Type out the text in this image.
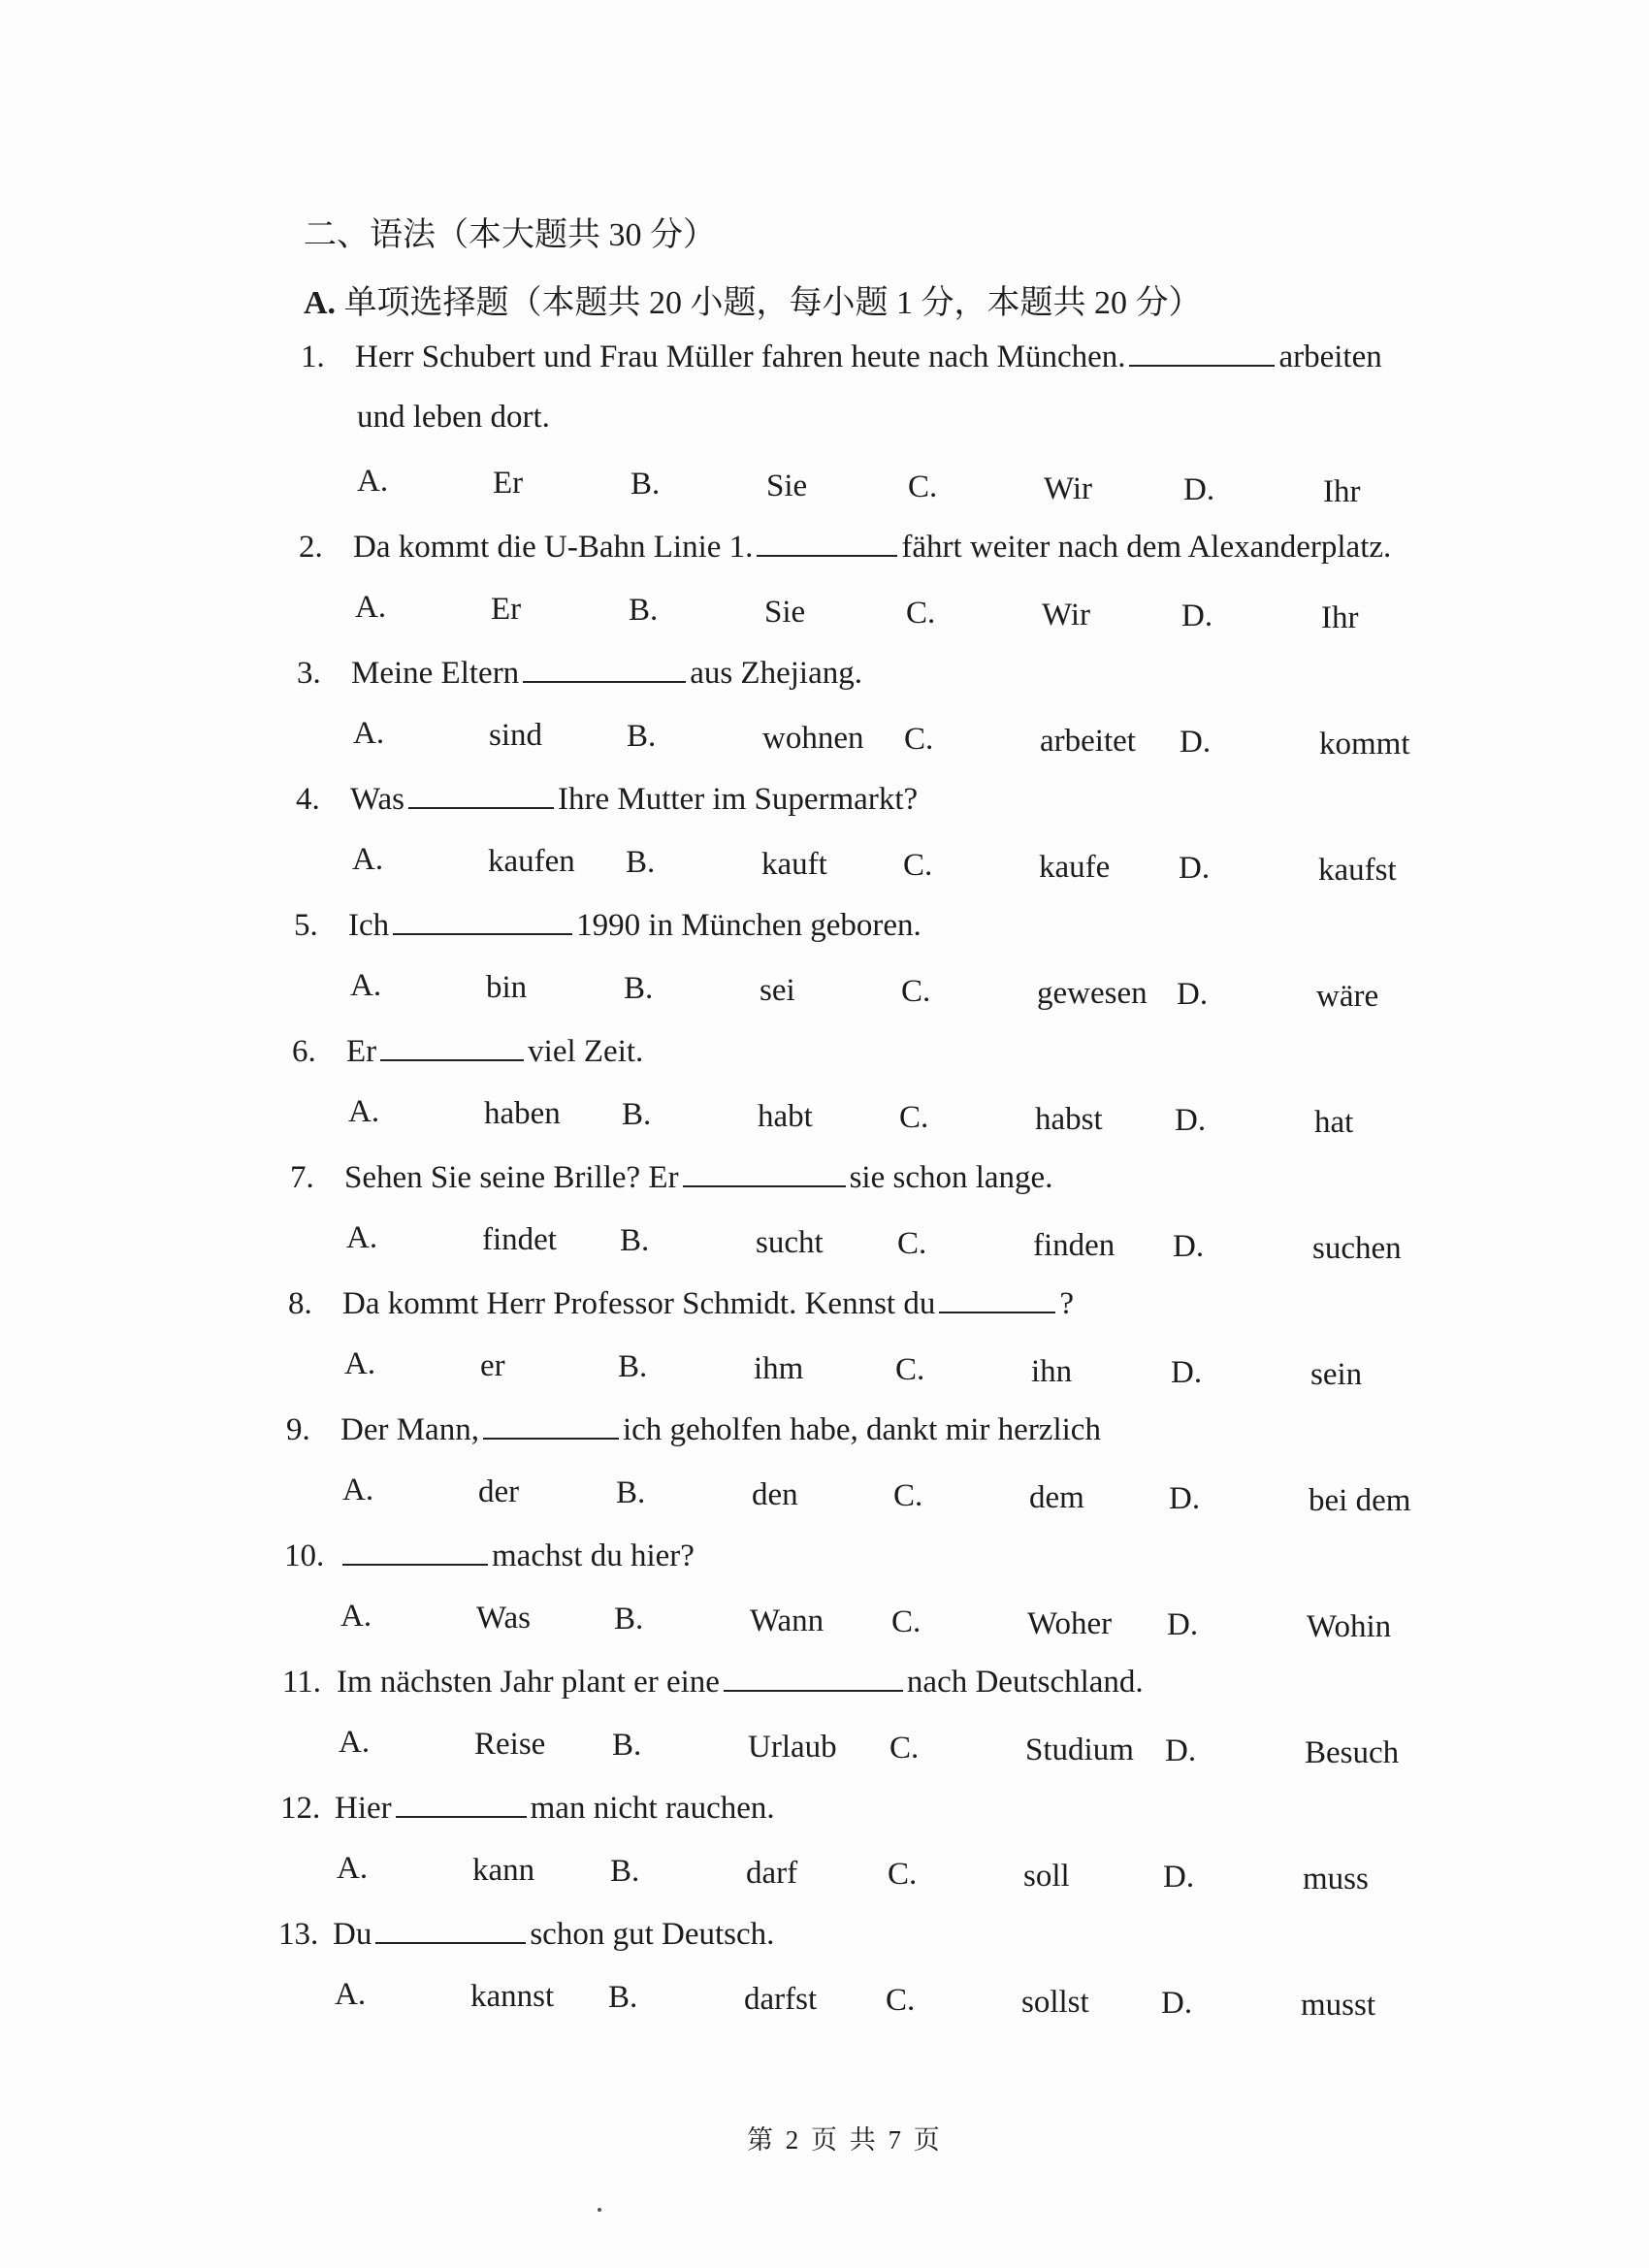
二、语法（本大题共 30 分）
A. 单项选择题（本题共 20 小题，每小题 1 分，本题共 20 分）
1. Herr Schubert und Frau Müller fahren heute nach München.	arbeiten
und leben dort.
A.	Er	B.	Sie	C.	Wir	D.	Ihr
2. Da kommt die U-Bahn Linie 1.	fährt weiter nach dem Alexanderplatz.
A.	Er	B.	Sie	C.	Wir	D.	Ihr
3. Meine Eltern	aus Zhejiang.
A.	sind	B.	wohnen C.	arbeitet D.	kommt
4. Was	Ihre Mutter im Supermarkt?
A.	kaufen B.	kauft C.	kaufe D.	kaufst
5. Ich	1990 in München geboren.
A.	bin	B.	sei	C.	gewesen D.	wäre
6. Er	viel Zeit.
A.	haben B.	habt	C.	habst D.	hat
7. Sehen Sie seine Brille? Er	sie schon lange.
A.	findet B.	sucht C.	finden D.	suchen
8. Da kommt Herr Professor Schmidt. Kennst du	?
A.	er	B.	ihm	C.	ihn	D.	sein
9. Der Mann,	ich geholfen habe, dankt mir herzlich
A.	der	B.	den	C.	dem	D.	bei dem
10.	machst du hier?
A.	Was	B.	Wann C.	Woher D.	Wohin
11. Im nächsten Jahr plant er eine	nach Deutschland.
A.	Reise B.	Urlaub C.	Studium D.	Besuch
12. Hier	man nicht rauchen.
A.	kann B.	darf	C.	soll	D.	muss
13. Du	schon gut Deutsch.
A.	kannst B.	darfst C.	sollst D.	musst
第 2 页 共 7 页
